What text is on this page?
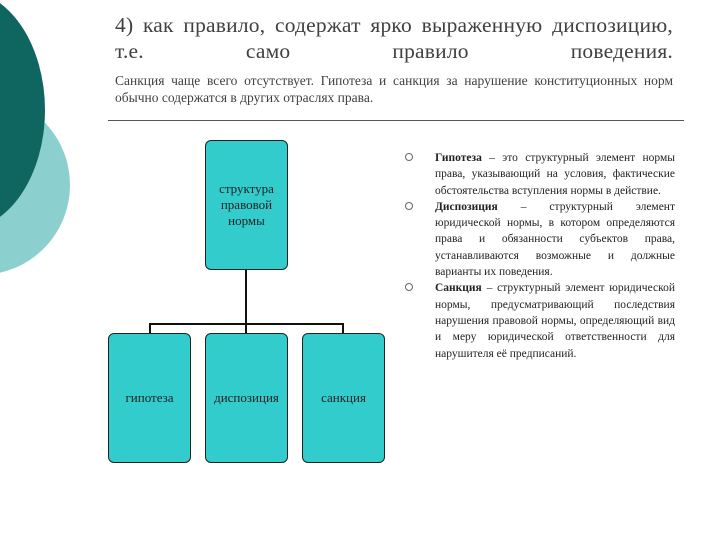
4) как правило, содержат ярко выраженную диспозицию, т.е. само правило поведения.
Санкция чаще всего отсутствует. Гипотеза и санкция за нарушение конституционных норм обычно содержатся в других отраслях права.
структура
правовой
нормы
гипотеза	диспозиция	санкция
Гипотеза – это структурный элемент нормы права, указывающий на условия, фактические обстоятельства вступления нормы в действие.
Диспозиция – структурный элемент юридической нормы, в котором определяются права и обязанности субъектов права, устанавливаются возможные и должные варианты их поведения.
Санкция – структурный элемент юридической нормы, предусматривающий последствия нарушения правовой нормы, определяющий вид и меру юридической ответственности для нарушителя её предписаний.
